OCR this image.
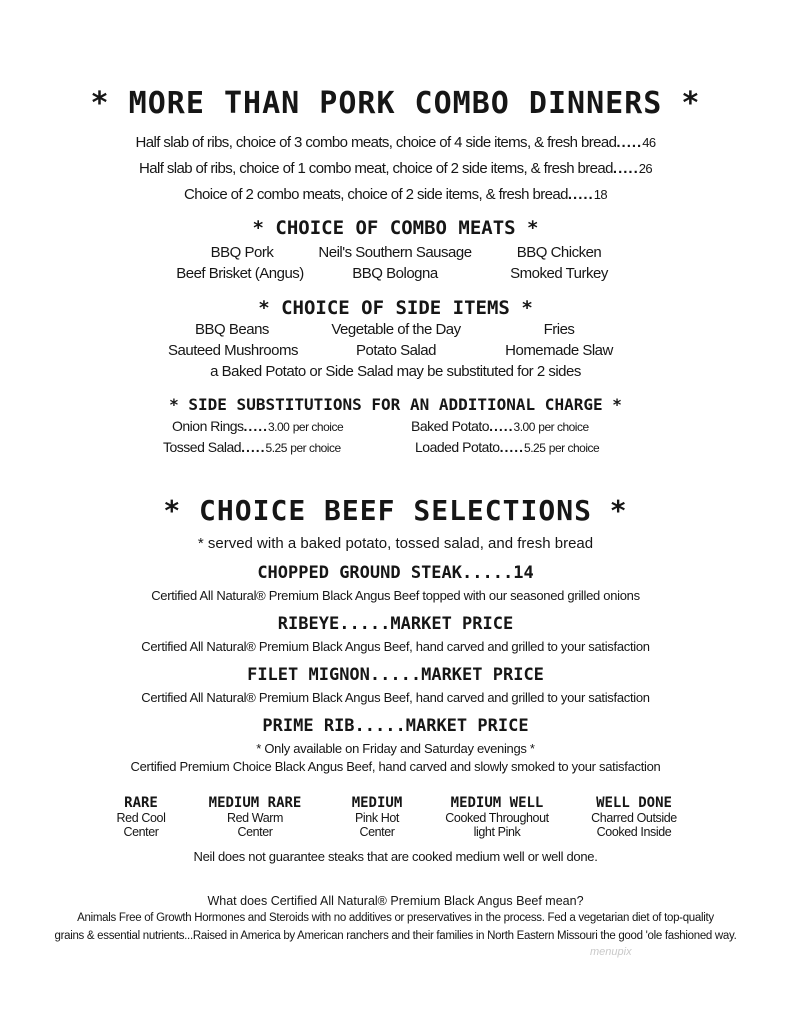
* MORE THAN PORK COMBO DINNERS *
Half slab of ribs, choice of 3 combo meats, choice of 4 side items, & fresh bread.....46
Half slab of ribs, choice of 1 combo meat, choice of 2 side items, & fresh bread.....26
Choice of 2 combo meats, choice of 2 side items, & fresh bread.....18
* CHOICE OF COMBO MEATS *
BBQ Pork	Neil's Southern Sausage	BBQ Chicken
Beef Brisket (Angus)	BBQ Bologna	Smoked Turkey
* CHOICE OF SIDE ITEMS *
BBQ Beans	Vegetable of the Day	Fries
Sauteed Mushrooms	Potato Salad	Homemade Slaw
a Baked Potato or Side Salad may be substituted for 2 sides
* SIDE SUBSTITUTIONS FOR AN ADDITIONAL CHARGE *
Onion Rings.....3.00 per choice	Baked Potato.....3.00 per choice
Tossed Salad.....5.25 per choice	Loaded Potato.....5.25 per choice
* CHOICE BEEF SELECTIONS *
* served with a baked potato, tossed salad, and fresh bread
CHOPPED GROUND STEAK.....14
Certified All Natural® Premium Black Angus Beef topped with our seasoned grilled onions
RIBEYE.....MARKET PRICE
Certified All Natural® Premium Black Angus Beef, hand carved and grilled to your satisfaction
FILET MIGNON.....MARKET PRICE
Certified All Natural® Premium Black Angus Beef, hand carved and grilled to your satisfaction
PRIME RIB.....MARKET PRICE
* Only available on Friday and Saturday evenings *
Certified Premium Choice Black Angus Beef, hand carved and slowly smoked to your satisfaction
RARE
Red Cool
Center
MEDIUM RARE
Red Warm
Center
MEDIUM
Pink Hot
Center
MEDIUM WELL
Cooked Throughout
light Pink
WELL DONE
Charred Outside
Cooked Inside
Neil does not guarantee steaks that are cooked medium well or well done.
What does Certified All Natural® Premium Black Angus Beef mean?
Animals Free of Growth Hormones and Steroids with no additives or preservatives in the process. Fed a vegetarian diet of top-quality
grains & essential nutrients...Raised in America by American ranchers and their families in North Eastern Missouri the good 'ole fashioned way.
menupix
